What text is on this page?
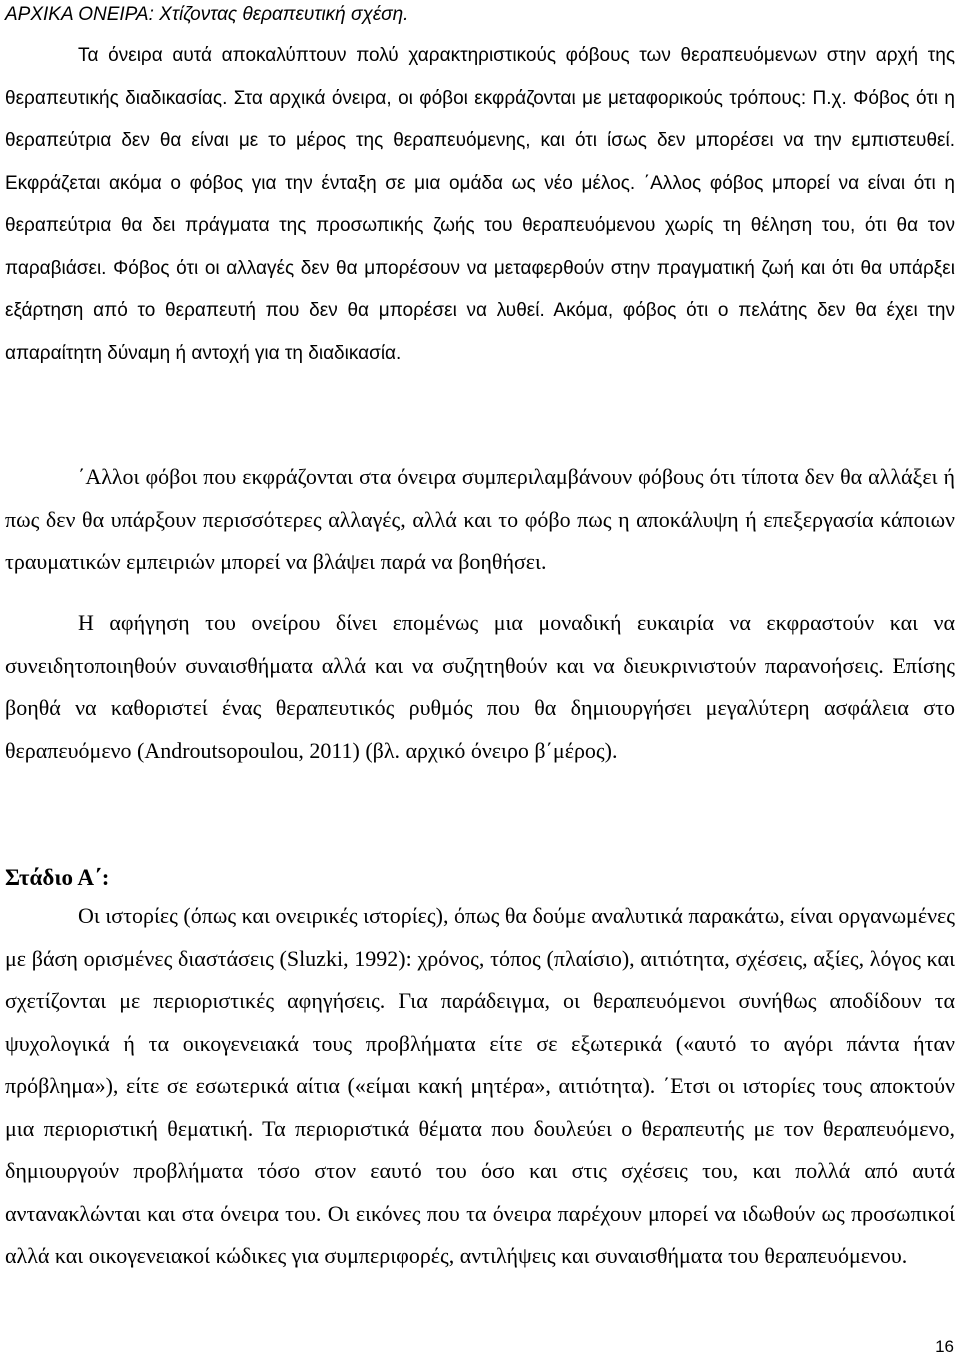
ΑΡΧΙΚΑ ΟΝΕΙΡΑ: Χτίζοντας θεραπευτική σχέση.

Τα όνειρα αυτά αποκαλύπτουν πολύ χαρακτηριστικούς φόβους των θεραπευόμενων στην αρχή της θεραπευτικής διαδικασίας. Στα αρχικά όνειρα, οι φόβοι εκφράζονται με μεταφορικούς τρόπους: Π.χ. Φόβος ότι η θεραπεύτρια δεν θα είναι με το μέρος της θεραπευόμενης, και ότι ίσως δεν μπορέσει να την εμπιστευθεί. Εκφράζεται ακόμα ο φόβος για την ένταξη σε μια ομάδα ως νέο μέλος. ΄Αλλος φόβος μπορεί να είναι ότι η θεραπεύτρια θα δει πράγματα της προσωπικής ζωής του θεραπευόμενου χωρίς τη θέληση του, ότι θα τον παραβιάσει. Φόβος ότι οι αλλαγές δεν θα μπορέσουν να μεταφερθούν στην πραγματική ζωή και ότι θα υπάρξει εξάρτηση από το θεραπευτή που δεν θα μπορέσει να λυθεί. Ακόμα, φόβος ότι ο πελάτης δεν θα έχει την απαραίτητη δύναμη ή αντοχή για τη διαδικασία.

΄Αλλοι φόβοι που εκφράζονται στα όνειρα συμπεριλαμβάνουν φόβους ότι τίποτα δεν θα αλλάξει ή πως δεν θα υπάρξουν περισσότερες αλλαγές, αλλά και το φόβο πως η αποκάλυψη ή επεξεργασία κάποιων τραυματικών εμπειριών μπορεί να βλάψει παρά να βοηθήσει.

Η αφήγηση του ονείρου δίνει επομένως μια μοναδική ευκαιρία να εκφραστούν και να συνειδητοποιηθούν συναισθήματα αλλά και να συζητηθούν και να διευκρινιστούν παρανοήσεις. Επίσης βοηθά να καθοριστεί ένας θεραπευτικός ρυθμός που θα δημιουργήσει μεγαλύτερη ασφάλεια στο θεραπευόμενο (Androutsopoulou, 2011) (βλ. αρχικό όνειρο β΄μέρος).

Στάδιο Α΄:

Οι ιστορίες (όπως και ονειρικές ιστορίες), όπως θα δούμε αναλυτικά παρακάτω, είναι οργανωμένες με βάση ορισμένες διαστάσεις (Sluzki, 1992): χρόνος, τόπος (πλαίσιο), αιτιότητα, σχέσεις, αξίες, λόγος και σχετίζονται με περιοριστικές αφηγήσεις. Για παράδειγμα, οι θεραπευόμενοι συνήθως αποδίδουν τα ψυχολογικά ή τα οικογενειακά τους προβλήματα είτε σε εξωτερικά («αυτό το αγόρι πάντα ήταν πρόβλημα»), είτε σε εσωτερικά αίτια («είμαι κακή μητέρα», αιτιότητα). ΄Ετσι οι ιστορίες τους αποκτούν μια περιοριστική θεματική. Τα περιοριστικά θέματα που δουλεύει ο θεραπευτής με τον θεραπευόμενο, δημιουργούν προβλήματα τόσο στον εαυτό του όσο και στις σχέσεις του, και πολλά από αυτά αντανακλώνται και στα όνειρα του. Οι εικόνες που τα όνειρα παρέχουν μπορεί να ιδωθούν ως προσωπικοί αλλά και οικογενειακοί κώδικες για συμπεριφορές, αντιλήψεις και συναισθήματα του θεραπευόμενου.

16
